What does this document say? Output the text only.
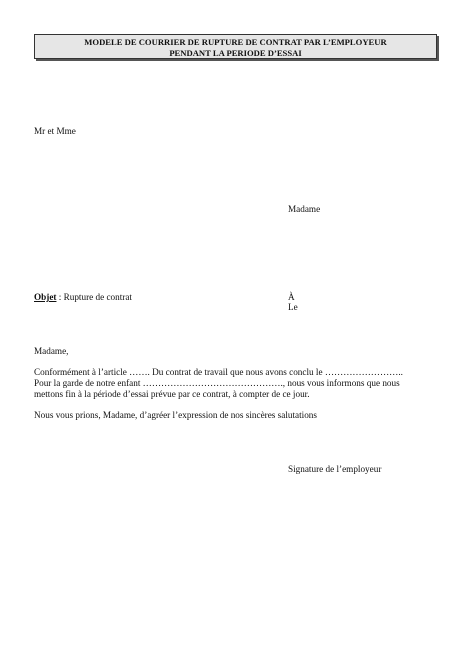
MODELE DE COURRIER DE RUPTURE DE CONTRAT PAR L’EMPLOYEUR
PENDANT LA PERIODE D’ESSAI
Mr et Mme
Madame
Objet : Rupture de contrat	À
Le
Madame,
Conformément à l’article ……. Du contrat de travail que nous avons conclu le ……………………..
Pour la garde de notre enfant ………………………………………., nous vous informons que nous
mettons fin à la période d’essai prévue par ce contrat, à compter de ce jour.
Nous vous prions, Madame, d’agréer l’expression de nos sincères salutations
Signature de l’employeur
